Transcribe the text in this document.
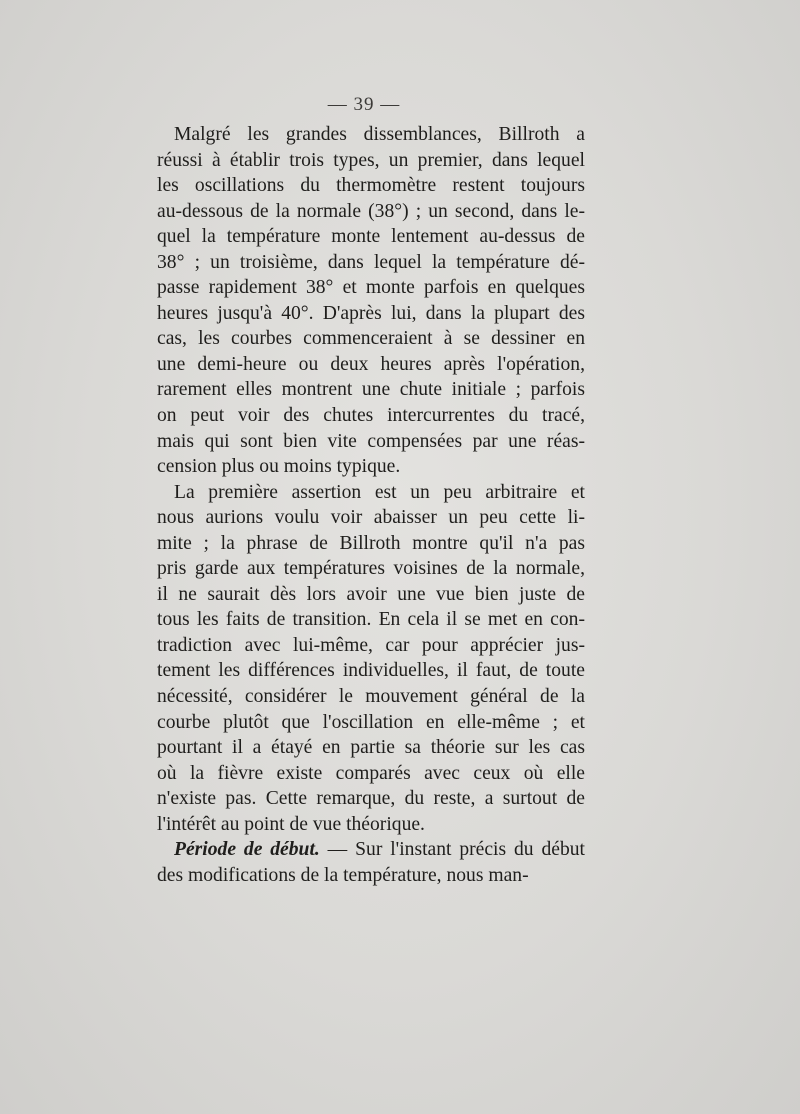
— 39 —
Malgré les grandes dissemblances, Billroth a
réussi à établir trois types, un premier, dans lequel
les oscillations du thermomètre restent toujours
au-dessous de la normale (38°) ; un second, dans le-
quel la température monte lentement au-dessus de
38° ; un troisième, dans lequel la température dé-
passe rapidement 38° et monte parfois en quelques
heures jusqu'à 40°. D'après lui, dans la plupart des
cas, les courbes commenceraient à se dessiner en
une demi-heure ou deux heures après l'opération,
rarement elles montrent une chute initiale ; parfois
on peut voir des chutes intercurrentes du tracé,
mais qui sont bien vite compensées par une réas-
cension plus ou moins typique.
La première assertion est un peu arbitraire et
nous aurions voulu voir abaisser un peu cette li-
mite ; la phrase de Billroth montre qu'il n'a pas
pris garde aux températures voisines de la normale,
il ne saurait dès lors avoir une vue bien juste de
tous les faits de transition. En cela il se met en con-
tradiction avec lui-même, car pour apprécier jus-
tement les différences individuelles, il faut, de toute
nécessité, considérer le mouvement général de la
courbe plutôt que l'oscillation en elle-même ; et
pourtant il a étayé en partie sa théorie sur les cas
où la fièvre existe comparés avec ceux où elle
n'existe pas. Cette remarque, du reste, a surtout de
l'intérêt au point de vue théorique.
Période de début. — Sur l'instant précis du début
des modifications de la température, nous man-
